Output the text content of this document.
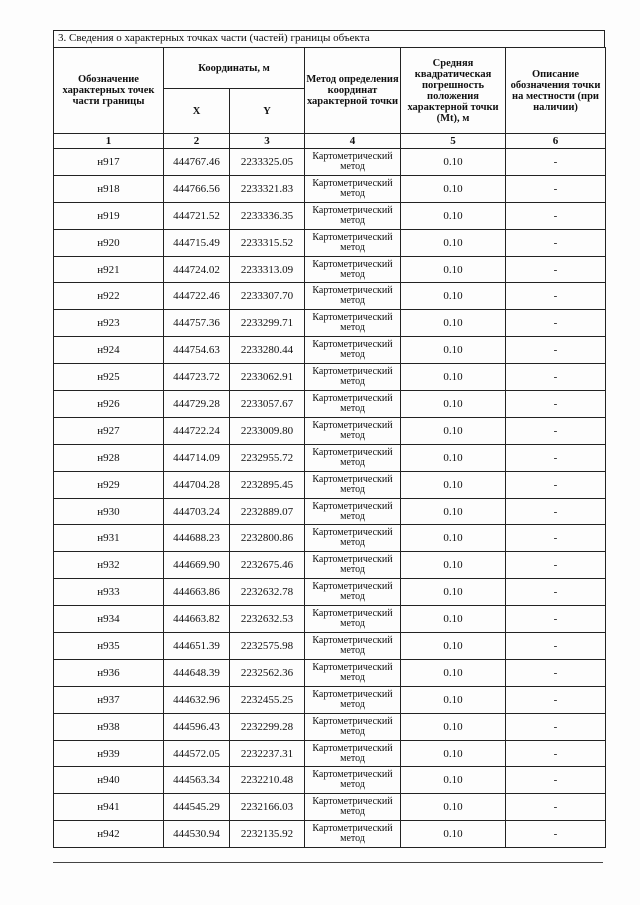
3. Сведения о характерных точках части (частей) границы объекта
Обозначение характерных точек части границы	Координаты, м		Метод определения координат характерной точки	Средняя квадратическая погрешность положения характерной точки (Mt), м	Описание обозначения точки на местности (при наличии)
	X	Y			
1	2	3	4	5	6
н917	444767.46	2233325.05	Картометрический метод	0.10	-
н918	444766.56	2233321.83	Картометрический метод	0.10	-
н919	444721.52	2233336.35	Картометрический метод	0.10	-
н920	444715.49	2233315.52	Картометрический метод	0.10	-
н921	444724.02	2233313.09	Картометрический метод	0.10	-
н922	444722.46	2233307.70	Картометрический метод	0.10	-
н923	444757.36	2233299.71	Картометрический метод	0.10	-
н924	444754.63	2233280.44	Картометрический метод	0.10	-
н925	444723.72	2233062.91	Картометрический метод	0.10	-
н926	444729.28	2233057.67	Картометрический метод	0.10	-
н927	444722.24	2233009.80	Картометрический метод	0.10	-
н928	444714.09	2232955.72	Картометрический метод	0.10	-
н929	444704.28	2232895.45	Картометрический метод	0.10	-
н930	444703.24	2232889.07	Картометрический метод	0.10	-
н931	444688.23	2232800.86	Картометрический метод	0.10	-
н932	444669.90	2232675.46	Картометрический метод	0.10	-
н933	444663.86	2232632.78	Картометрический метод	0.10	-
н934	444663.82	2232632.53	Картометрический метод	0.10	-
н935	444651.39	2232575.98	Картометрический метод	0.10	-
н936	444648.39	2232562.36	Картометрический метод	0.10	-
н937	444632.96	2232455.25	Картометрический метод	0.10	-
н938	444596.43	2232299.28	Картометрический метод	0.10	-
н939	444572.05	2232237.31	Картометрический метод	0.10	-
н940	444563.34	2232210.48	Картометрический метод	0.10	-
н941	444545.29	2232166.03	Картометрический метод	0.10	-
н942	444530.94	2232135.92	Картометрический метод	0.10	-
